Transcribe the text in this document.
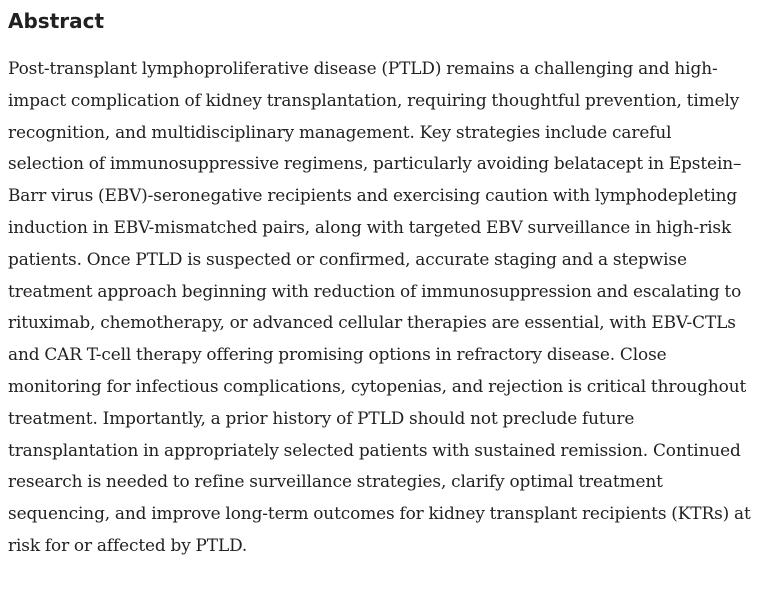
Abstract

Post-transplant lymphoproliferative disease (PTLD) remains a challenging and high-impact complication of kidney transplantation, requiring thoughtful prevention, timely recognition, and multidisciplinary management. Key strategies include careful selection of immunosuppressive regimens, particularly avoiding belatacept in Epstein–Barr virus (EBV)-seronegative recipients and exercising caution with lymphodepleting induction in EBV-mismatched pairs, along with targeted EBV surveillance in high-risk patients. Once PTLD is suspected or confirmed, accurate staging and a stepwise treatment approach beginning with reduction of immunosuppression and escalating to rituximab, chemotherapy, or advanced cellular therapies are essential, with EBV-CTLs and CAR T-cell therapy offering promising options in refractory disease. Close monitoring for infectious complications, cytopenias, and rejection is critical throughout treatment. Importantly, a prior history of PTLD should not preclude future transplantation in appropriately selected patients with sustained remission. Continued research is needed to refine surveillance strategies, clarify optimal treatment sequencing, and improve long-term outcomes for kidney transplant recipients (KTRs) at risk for or affected by PTLD.
